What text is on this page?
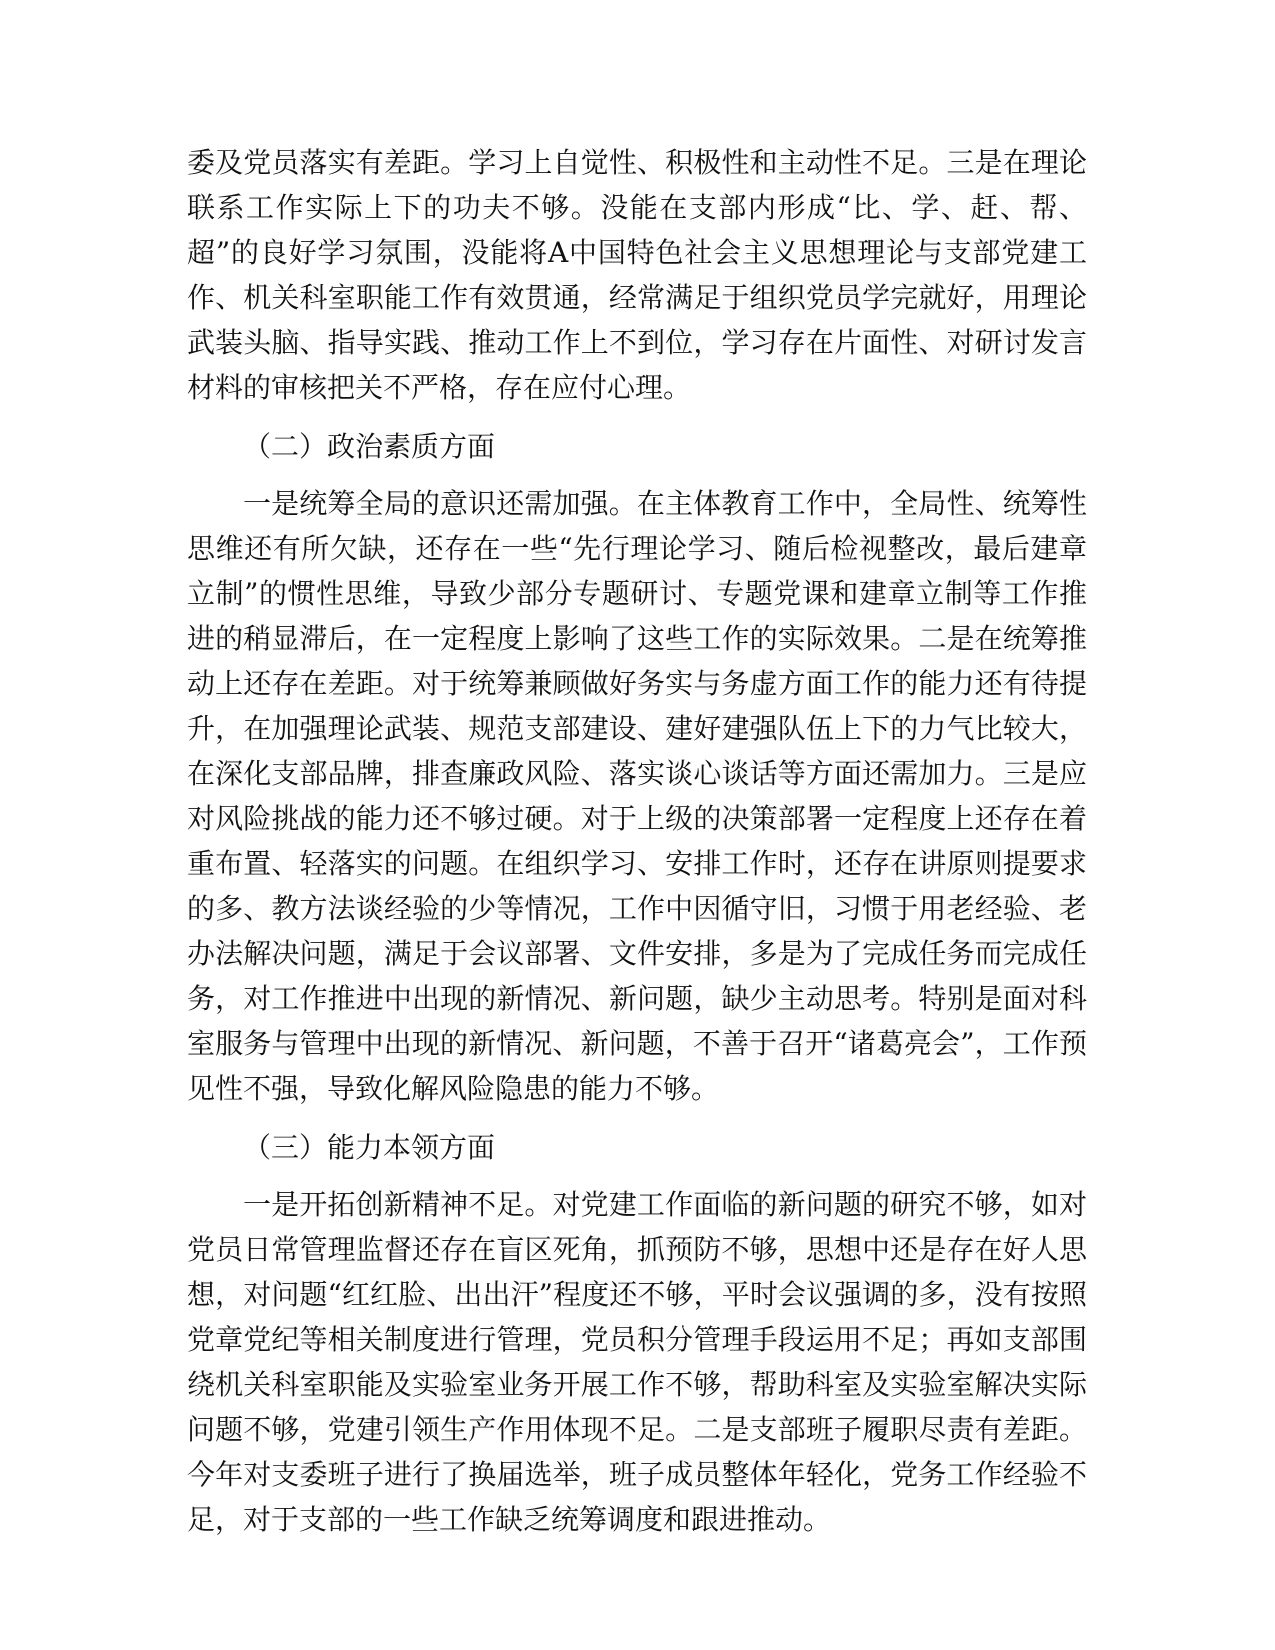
委及党员落实有差距。学习上自觉性、积极性和主动性不足。三是在理论联系工作实际上下的功夫不够。没能在支部内形成“比、学、赶、帮、超”的良好学习氛围，没能将A中国特色社会主义思想理论与支部党建工作、机关科室职能工作有效贯通，经常满足于组织党员学完就好，用理论武装头脑、指导实践、推动工作上不到位，学习存在片面性、对研讨发言材料的审核把关不严格，存在应付心理。

（二）政治素质方面

一是统筹全局的意识还需加强。在主体教育工作中，全局性、统筹性思维还有所欠缺，还存在一些“先行理论学习、随后检视整改，最后建章立制”的惯性思维，导致少部分专题研讨、专题党课和建章立制等工作推进的稍显滞后，在一定程度上影响了这些工作的实际效果。二是在统筹推动上还存在差距。对于统筹兼顾做好务实与务虚方面工作的能力还有待提升，在加强理论武装、规范支部建设、建好建强队伍上下的力气比较大，在深化支部品牌，排查廉政风险、落实谈心谈话等方面还需加力。三是应对风险挑战的能力还不够过硬。对于上级的决策部署一定程度上还存在着重布置、轻落实的问题。在组织学习、安排工作时，还存在讲原则提要求的多、教方法谈经验的少等情况，工作中因循守旧，习惯于用老经验、老办法解决问题，满足于会议部署、文件安排，多是为了完成任务而完成任务，对工作推进中出现的新情况、新问题，缺少主动思考。特别是面对科室服务与管理中出现的新情况、新问题，不善于召开“诸葛亮会”，工作预见性不强，导致化解风险隐患的能力不够。

（三）能力本领方面

一是开拓创新精神不足。对党建工作面临的新问题的研究不够，如对党员日常管理监督还存在盲区死角，抓预防不够，思想中还是存在好人思想，对问题“红红脸、出出汗”程度还不够，平时会议强调的多，没有按照党章党纪等相关制度进行管理，党员积分管理手段运用不足；再如支部围绕机关科室职能及实验室业务开展工作不够，帮助科室及实验室解决实际问题不够，党建引领生产作用体现不足。二是支部班子履职尽责有差距。今年对支委班子进行了换届选举，班子成员整体年轻化，党务工作经验不足，对于支部的一些工作缺乏统筹调度和跟进推动。
